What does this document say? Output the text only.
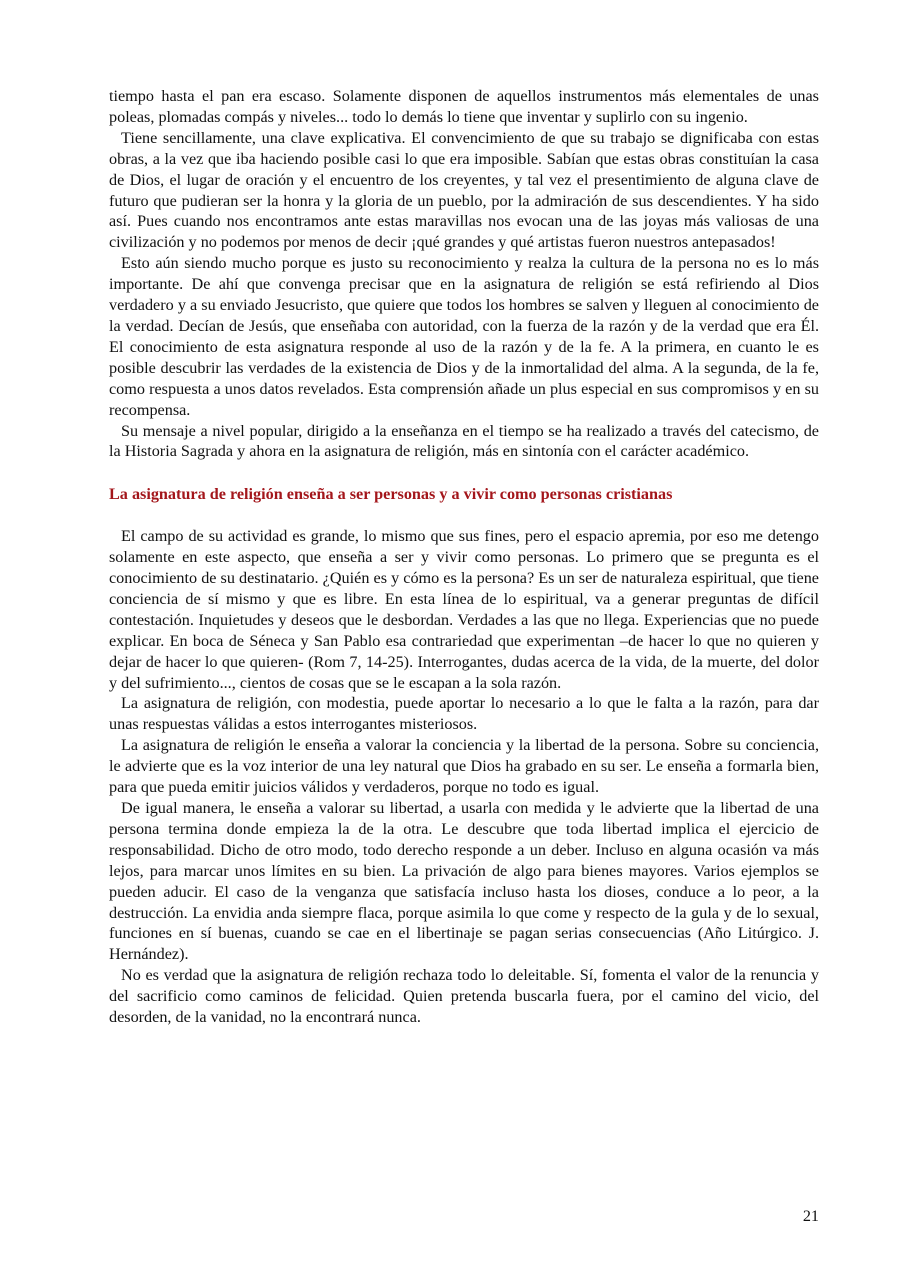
tiempo hasta el pan era escaso. Solamente disponen de aquellos instrumentos más elementales de unas poleas, plomadas compás y niveles... todo lo demás lo tiene que inventar y suplirlo con su ingenio.

Tiene sencillamente, una clave explicativa. El convencimiento de que su trabajo se dignificaba con estas obras, a la vez que iba haciendo posible casi lo que era imposible. Sabían que estas obras constituían la casa de Dios, el lugar de oración y el encuentro de los creyentes, y tal vez el presentimiento de alguna clave de futuro que pudieran ser la honra y la gloria de un pueblo, por la admiración de sus descendientes. Y ha sido así. Pues cuando nos encontramos ante estas maravillas nos evocan una de las joyas más valiosas de una civilización y no podemos por menos de decir ¡qué grandes y qué artistas fueron nuestros antepasados!

Esto aún siendo mucho porque es justo su reconocimiento y realza la cultura de la persona no es lo más importante. De ahí que convenga precisar que en la asignatura de religión se está refiriendo al Dios verdadero y a su enviado Jesucristo, que quiere que todos los hombres se salven y lleguen al conocimiento de la verdad. Decían de Jesús, que enseñaba con autoridad, con la fuerza de la razón y de la verdad que era Él. El conocimiento de esta asignatura responde al uso de la razón y de la fe. A la primera, en cuanto le es posible descubrir las verdades de la existencia de Dios y de la inmortalidad del alma. A la segunda, de la fe, como respuesta a unos datos revelados. Esta comprensión añade un plus especial en sus compromisos y en su recompensa.

Su mensaje a nivel popular, dirigido a la enseñanza en el tiempo se ha realizado a través del catecismo, de la Historia Sagrada y ahora en la asignatura de religión, más en sintonía con el carácter académico.

La asignatura de religión enseña a ser personas y a vivir como personas cristianas

El campo de su actividad es grande, lo mismo que sus fines, pero el espacio apremia, por eso me detengo solamente en este aspecto, que enseña a ser y vivir como personas. Lo primero que se pregunta es el conocimiento de su destinatario. ¿Quién es y cómo es la persona? Es un ser de naturaleza espiritual, que tiene conciencia de sí mismo y que es libre. En esta línea de lo espiritual, va a generar preguntas de difícil contestación. Inquietudes y deseos que le desbordan. Verdades a las que no llega. Experiencias que no puede explicar. En boca de Séneca y San Pablo esa contrariedad que experimentan –de hacer lo que no quieren y dejar de hacer lo que quieren- (Rom 7, 14-25). Interrogantes, dudas acerca de la vida, de la muerte, del dolor y del sufrimiento..., cientos de cosas que se le escapan a la sola razón.

La asignatura de religión, con modestia, puede aportar lo necesario a lo que le falta a la razón, para dar unas respuestas válidas a estos interrogantes misteriosos.

La asignatura de religión le enseña a valorar la conciencia y la libertad de la persona. Sobre su conciencia, le advierte que es la voz interior de una ley natural que Dios ha grabado en su ser. Le enseña a formarla bien, para que pueda emitir juicios válidos y verdaderos, porque no todo es igual.

De igual manera, le enseña a valorar su libertad, a usarla con medida y le advierte que la libertad de una persona termina donde empieza la de la otra. Le descubre que toda libertad implica el ejercicio de responsabilidad. Dicho de otro modo, todo derecho responde a un deber. Incluso en alguna ocasión va más lejos, para marcar unos límites en su bien. La privación de algo para bienes mayores. Varios ejemplos se pueden aducir. El caso de la venganza que satisfacía incluso hasta los dioses, conduce a lo peor, a la destrucción. La envidia anda siempre flaca, porque asimila lo que come y respecto de la gula y de lo sexual, funciones en sí buenas, cuando se cae en el libertinaje se pagan serias consecuencias (Año Litúrgico. J. Hernández).

No es verdad que la asignatura de religión rechaza todo lo deleitable. Sí, fomenta el valor de la renuncia y del sacrificio como caminos de felicidad. Quien pretenda buscarla fuera, por el camino del vicio, del desorden, de la vanidad, no la encontrará nunca.

21
